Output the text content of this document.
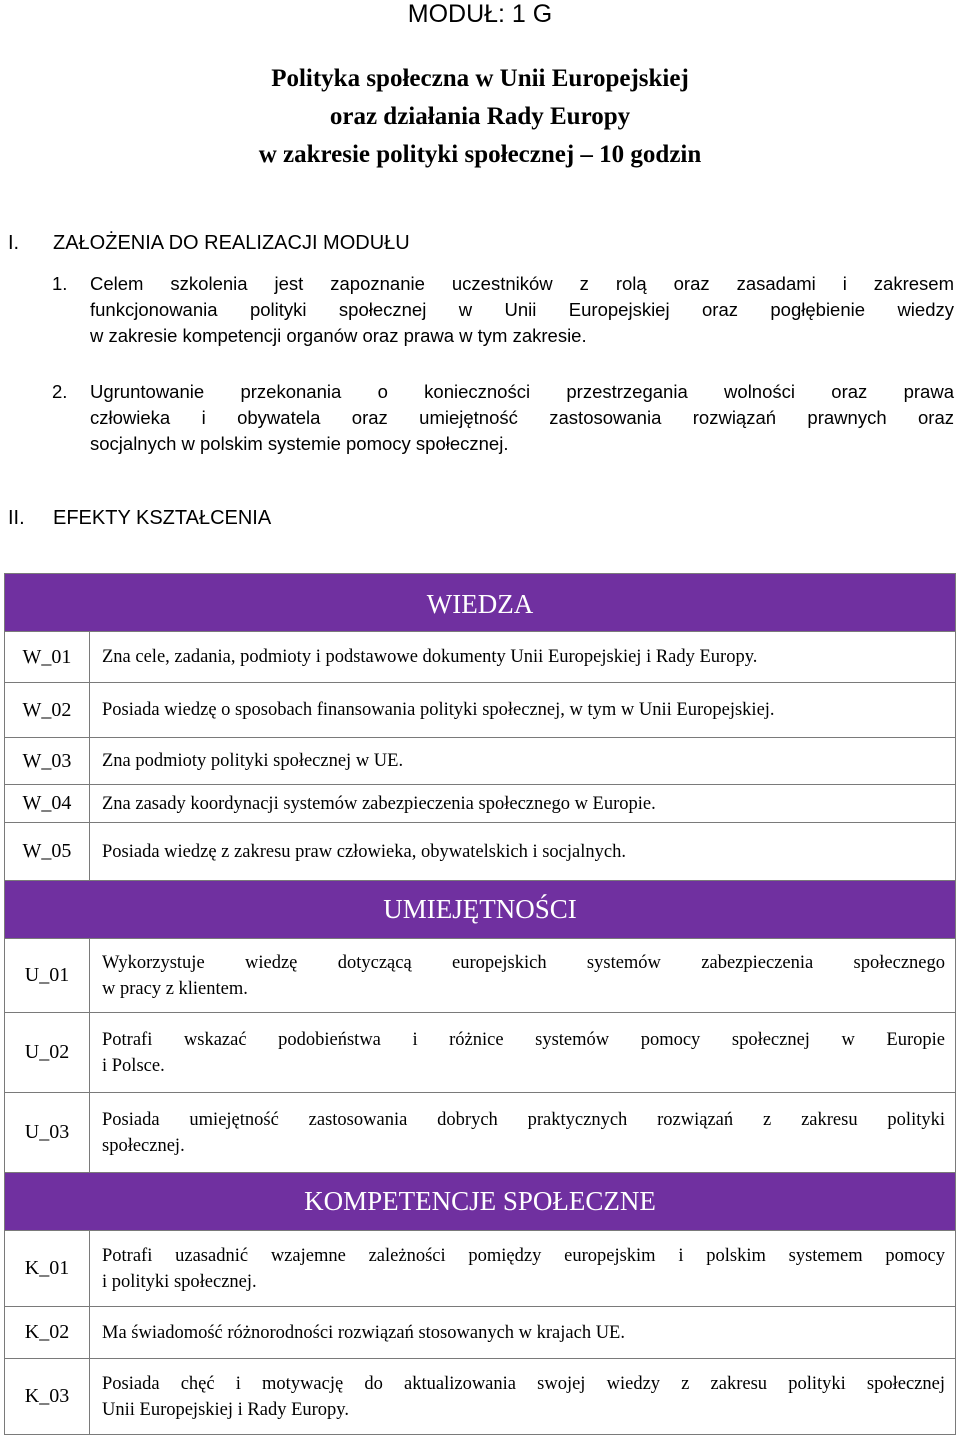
MODUŁ: 1 G
Polityka społeczna w Unii Europejskiej
oraz działania Rady Europy
w zakresie polityki społecznej – 10 godzin
I. ZAŁOŻENIA DO REALIZACJI MODUŁU
1. Celem szkolenia jest zapoznanie uczestników z rolą oraz zasadami i zakresem
funkcjonowania polityki społecznej w Unii Europejskiej oraz pogłębienie wiedzy
w zakresie kompetencji organów oraz prawa w tym zakresie.
2. Ugruntowanie przekonania o konieczności przestrzegania wolności oraz prawa
człowieka i obywatela oraz umiejętność zastosowania rozwiązań prawnych oraz
socjalnych w polskim systemie pomocy społecznej.
II. EFEKTY KSZTAŁCENIA
WIEDZA	
W_01	Zna cele, zadania, podmioty i podstawowe dokumenty Unii Europejskiej i Rady Europy.

W_02	Posiada wiedzę o sposobach finansowania polityki społecznej, w tym w Unii Europejskiej.

W_03	Zna podmioty polityki społecznej w UE.

W_04	Zna zasady koordynacji systemów zabezpieczenia społecznego w Europie.

W_05	Posiada wiedzę z zakresu praw człowieka, obywatelskich i socjalnych.

UMIEJĘTNOŚCI	
U_01	Wykorzystuje wiedzę dotyczącą europejskich systemów zabezpieczenia społecznego
w pracy z klientem.

U_02	Potrafi wskazać podobieństwa i różnice systemów pomocy społecznej w Europie
i Polsce.

U_03	Posiada umiejętność zastosowania dobrych praktycznych rozwiązań z zakresu polityki
społecznej.

KOMPETENCJE SPOŁECZNE	
K_01	Potrafi uzasadnić wzajemne zależności pomiędzy europejskim i polskim systemem pomocy
i polityki społecznej.

K_02	Ma świadomość różnorodności rozwiązań stosowanych w krajach UE.

K_03	Posiada chęć i motywację do aktualizowania swojej wiedzy z zakresu polityki społecznej
Unii Europejskiej i Rady Europy.
